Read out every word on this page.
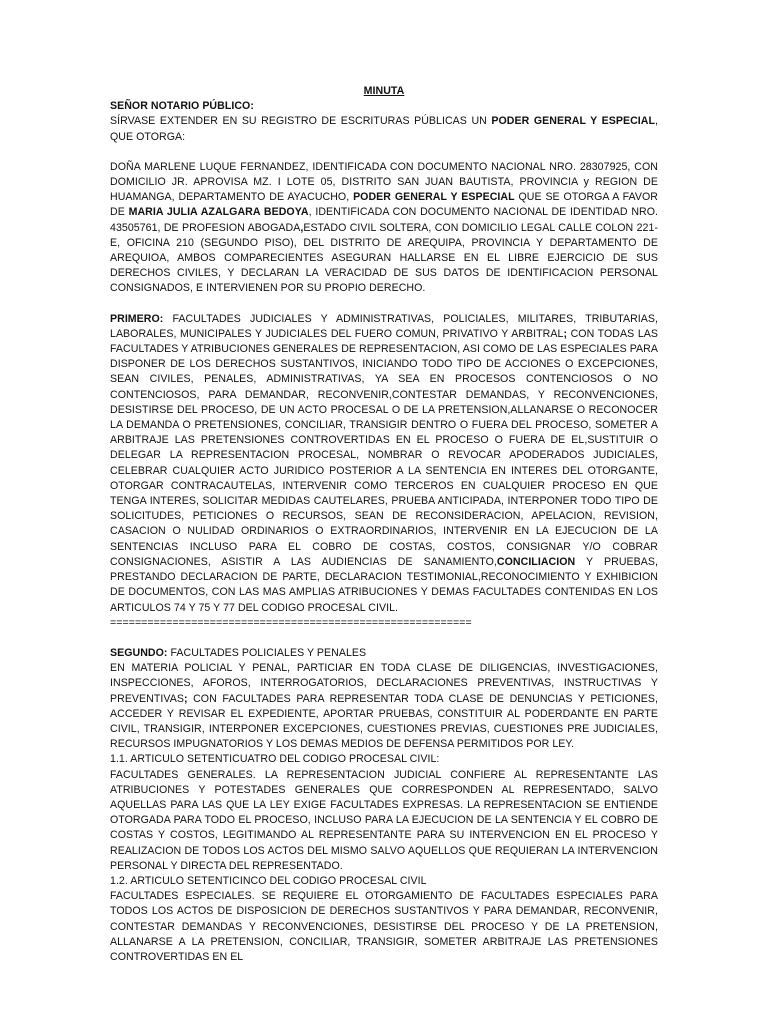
MINUTA

SEÑOR NOTARIO PÚBLICO:

SÍRVASE EXTENDER EN SU REGISTRO DE ESCRITURAS PÚBLICAS UN PODER GENERAL Y ESPECIAL, QUE OTORGA:

DOÑA MARLENE LUQUE FERNANDEZ, IDENTIFICADA CON DOCUMENTO NACIONAL NRO. 28307925, CON DOMICILIO JR. APROVISA MZ. I LOTE 05, DISTRITO SAN JUAN BAUTISTA, PROVINCIA y REGION DE HUAMANGA, DEPARTAMENTO DE AYACUCHO, PODER GENERAL Y ESPECIAL QUE SE OTORGA A FAVOR DE MARIA JULIA AZALGARA BEDOYA, IDENTIFICADA CON DOCUMENTO NACIONAL DE IDENTIDAD NRO. 43505761, DE PROFESION ABOGADA,ESTADO CIVIL SOLTERA, CON DOMICILIO LEGAL CALLE COLON 221-E, OFICINA 210 (SEGUNDO PISO), DEL DISTRITO DE AREQUIPA, PROVINCIA Y DEPARTAMENTO DE AREQUIOA, AMBOS COMPARECIENTES ASEGURAN HALLARSE EN EL LIBRE EJERCICIO DE SUS DERECHOS CIVILES, Y DECLARAN LA VERACIDAD DE SUS DATOS DE IDENTIFICACION PERSONAL CONSIGNADOS, E INTERVIENEN POR SU PROPIO DERECHO.

PRIMERO: FACULTADES JUDICIALES Y ADMINISTRATIVAS, POLICIALES, MILITARES, TRIBUTARIAS, LABORALES, MUNICIPALES Y JUDICIALES DEL FUERO COMUN, PRIVATIVO Y ARBITRAL; CON TODAS LAS FACULTADES Y ATRIBUCIONES GENERALES DE REPRESENTACION, ASI COMO DE LAS ESPECIALES PARA DISPONER DE LOS DERECHOS SUSTANTIVOS, INICIANDO TODO TIPO DE ACCIONES O EXCEPCIONES, SEAN CIVILES, PENALES, ADMINISTRATIVAS, YA SEA EN PROCESOS CONTENCIOSOS O NO CONTENCIOSOS, PARA DEMANDAR, RECONVENIR,CONTESTAR DEMANDAS, Y RECONVENCIONES, DESISTIRSE DEL PROCESO, DE UN ACTO PROCESAL O DE LA PRETENSION,ALLANARSE O RECONOCER LA DEMANDA O PRETENSIONES, CONCILIAR, TRANSIGIR DENTRO O FUERA DEL PROCESO, SOMETER A ARBITRAJE LAS PRETENSIONES CONTROVERTIDAS EN EL PROCESO O FUERA DE EL,SUSTITUIR O DELEGAR LA REPRESENTACION PROCESAL, NOMBRAR O REVOCAR APODERADOS JUDICIALES, CELEBRAR CUALQUIER ACTO JURIDICO POSTERIOR A LA SENTENCIA EN INTERES DEL OTORGANTE, OTORGAR CONTRACAUTELAS, INTERVENIR COMO TERCEROS EN CUALQUIER PROCESO EN QUE TENGA INTERES, SOLICITAR MEDIDAS CAUTELARES, PRUEBA ANTICIPADA, INTERPONER TODO TIPO DE SOLICITUDES, PETICIONES O RECURSOS, SEAN DE RECONSIDERACION, APELACION, REVISION, CASACION O NULIDAD ORDINARIOS O EXTRAORDINARIOS, INTERVENIR EN LA EJECUCION DE LA SENTENCIAS INCLUSO PARA EL COBRO DE COSTAS, COSTOS, CONSIGNAR Y/O COBRAR CONSIGNACIONES, ASISTIR A LAS AUDIENCIAS DE SANAMIENTO,CONCILIACION Y PRUEBAS, PRESTANDO DECLARACION DE PARTE, DECLARACION TESTIMONIAL,RECONOCIMIENTO Y EXHIBICION DE DOCUMENTOS, CON LAS MAS AMPLIAS ATRIBUCIONES Y DEMAS FACULTADES CONTENIDAS EN LOS ARTICULOS 74 Y 75 Y 77 DEL CODIGO PROCESAL CIVIL.

==========================================================

SEGUNDO: FACULTADES POLICIALES Y PENALES

EN MATERIA POLICIAL Y PENAL, PARTICIAR EN TODA CLASE DE DILIGENCIAS, INVESTIGACIONES, INSPECCIONES, AFOROS, INTERROGATORIOS, DECLARACIONES PREVENTIVAS, INSTRUCTIVAS Y PREVENTIVAS; CON FACULTADES PARA REPRESENTAR TODA CLASE DE DENUNCIAS Y PETICIONES, ACCEDER Y REVISAR EL EXPEDIENTE, APORTAR PRUEBAS, CONSTITUIR AL PODERDANTE EN PARTE CIVIL, TRANSIGIR, INTERPONER EXCEPCIONES, CUESTIONES PREVIAS, CUESTIONES PRE JUDICIALES, RECURSOS IMPUGNATORIOS Y LOS DEMAS MEDIOS DE DEFENSA PERMITIDOS POR LEY.

1.1. ARTICULO SETENTICUATRO DEL CODIGO PROCESAL CIVIL:

FACULTADES GENERALES. LA REPRESENTACION JUDICIAL CONFIERE AL REPRESENTANTE LAS ATRIBUCIONES Y POTESTADES GENERALES QUE CORRESPONDEN AL REPRESENTADO, SALVO AQUELLAS PARA LAS QUE LA LEY EXIGE FACULTADES EXPRESAS. LA REPRESENTACION SE ENTIENDE OTORGADA PARA TODO EL PROCESO, INCLUSO PARA LA EJECUCION DE LA SENTENCIA Y EL COBRO DE COSTAS Y COSTOS, LEGITIMANDO AL REPRESENTANTE PARA SU INTERVENCION EN EL PROCESO Y REALIZACION DE TODOS LOS ACTOS DEL MISMO SALVO AQUELLOS QUE REQUIERAN LA INTERVENCION PERSONAL Y DIRECTA DEL REPRESENTADO.

1.2. ARTICULO SETENTICINCO DEL CODIGO PROCESAL CIVIL

FACULTADES ESPECIALES. SE REQUIERE EL OTORGAMIENTO DE FACULTADES ESPECIALES PARA TODOS LOS ACTOS DE DISPOSICION DE DERECHOS SUSTANTIVOS Y PARA DEMANDAR, RECONVENIR, CONTESTAR DEMANDAS Y RECONVENCIONES, DESISTIRSE DEL PROCESO Y DE LA PRETENSION, ALLANARSE A LA PRETENSION, CONCILIAR, TRANSIGIR, SOMETER ARBITRAJE LAS PRETENSIONES CONTROVERTIDAS EN EL
